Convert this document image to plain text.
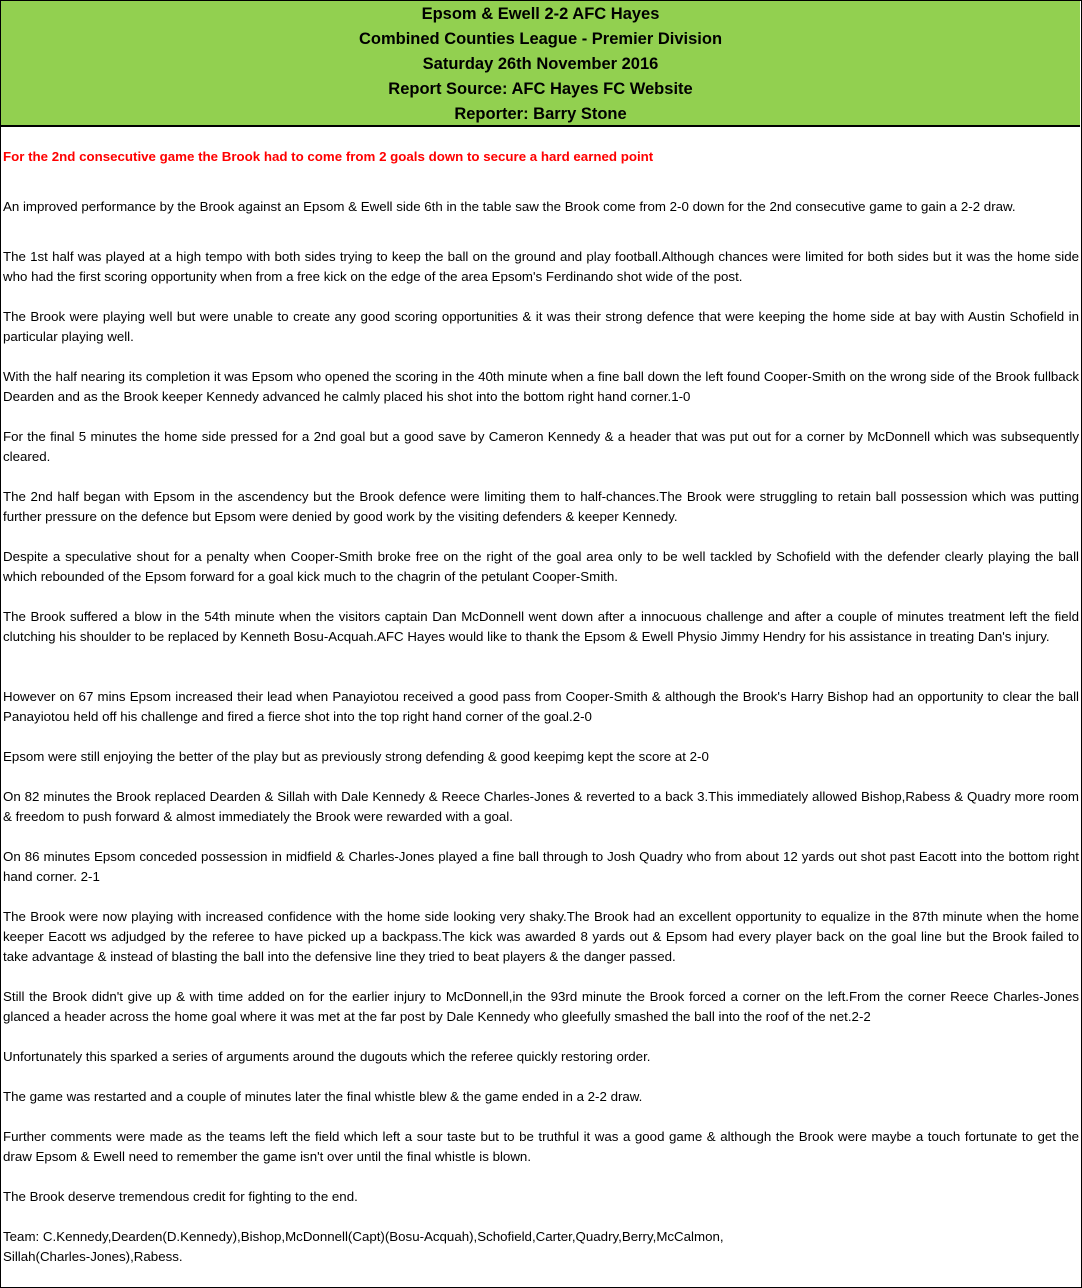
Epsom & Ewell 2-2 AFC Hayes
Combined Counties League - Premier Division
Saturday 26th November 2016
Report Source: AFC Hayes FC Website
Reporter: Barry Stone
For the 2nd consecutive game the Brook had to come from 2 goals down to secure a hard earned point
An improved performance by the Brook against an Epsom & Ewell side 6th in the table saw the Brook come from 2-0 down for the 2nd consecutive game to gain a 2-2 draw.
The 1st half was played at a high tempo with both sides trying to keep the ball on the ground and play football.Although chances were limited for both sides but it was the home side who had the first scoring opportunity when from a free kick on the edge of the area Epsom's Ferdinando shot wide of the post.
The Brook were playing well but were unable to create any good scoring opportunities & it was their strong defence that were keeping the home side at bay with Austin Schofield in particular playing well.
With the half nearing its completion it was Epsom who opened the scoring in the 40th minute when a fine ball down the left found Cooper-Smith on the wrong side of the Brook fullback Dearden and as the Brook keeper Kennedy advanced he calmly placed his shot into the bottom right hand corner.1-0
For the final 5 minutes the home side pressed for a 2nd goal but a good save by Cameron Kennedy & a header that was put out for a corner by McDonnell which was subsequently cleared.
The 2nd half began with Epsom in the ascendency but the Brook defence were limiting them to half-chances.The Brook were struggling to retain ball possession which was putting further pressure on the defence but Epsom were denied by good work by the visiting defenders & keeper Kennedy.
Despite a speculative shout for a penalty when Cooper-Smith broke free on the right of the goal area only to be well tackled by Schofield with the defender clearly playing the ball which rebounded of the Epsom forward for a goal kick much to the chagrin of the petulant Cooper-Smith.
The Brook suffered a blow in the 54th minute when the visitors captain Dan McDonnell went down after a innocuous challenge and after a couple of minutes treatment left the field clutching his shoulder to be replaced by Kenneth Bosu-Acquah.AFC Hayes would like to thank the Epsom & Ewell Physio Jimmy Hendry for his assistance in treating Dan's injury.
However on 67 mins Epsom increased their lead when Panayiotou received a good pass from Cooper-Smith & although the Brook's Harry Bishop had an opportunity to clear the ball Panayiotou held off his challenge and fired a fierce shot into the top right hand corner of the goal.2-0
Epsom were still enjoying the better of the play but as previously strong defending & good keepimg kept the score at 2-0
On 82 minutes the Brook replaced Dearden & Sillah with Dale Kennedy & Reece Charles-Jones & reverted to a back 3.This immediately allowed Bishop,Rabess & Quadry more room & freedom to push forward & almost immediately the Brook were rewarded with a goal.
On 86 minutes Epsom conceded possession in midfield & Charles-Jones played a fine ball through to Josh Quadry who from about 12 yards out shot past Eacott into the bottom right hand corner. 2-1
The Brook were now playing with increased confidence with the home side looking very shaky.The Brook had an excellent opportunity to equalize in the 87th minute when the home keeper Eacott ws adjudged by the referee to have picked up a backpass.The kick was awarded 8 yards out & Epsom had every player back on the goal line but the Brook failed to take advantage & instead of blasting the ball into the defensive line they tried to beat players & the danger passed.
Still the Brook didn't give up & with time added on for the earlier injury to McDonnell,in the 93rd minute the Brook forced a corner on the left.From the corner Reece Charles-Jones glanced a header across the home goal where it was met at the far post by Dale Kennedy who gleefully smashed the ball into the roof of the net.2-2
Unfortunately this sparked a series of arguments around the dugouts which the referee quickly restoring order.
The game was restarted and a couple of minutes later the final whistle blew & the game ended in a 2-2 draw.
Further comments were made as the teams left the field which left a sour taste but to be truthful it was a good game & although the Brook were maybe a touch fortunate to get the draw Epsom & Ewell need to remember the game isn't over until the final whistle is blown.
The Brook deserve tremendous credit for fighting to the end.
Team: C.Kennedy,Dearden(D.Kennedy),Bishop,McDonnell(Capt)(Bosu-Acquah),Schofield,Carter,Quadry,Berry,McCalmon,
Sillah(Charles-Jones),Rabess.
